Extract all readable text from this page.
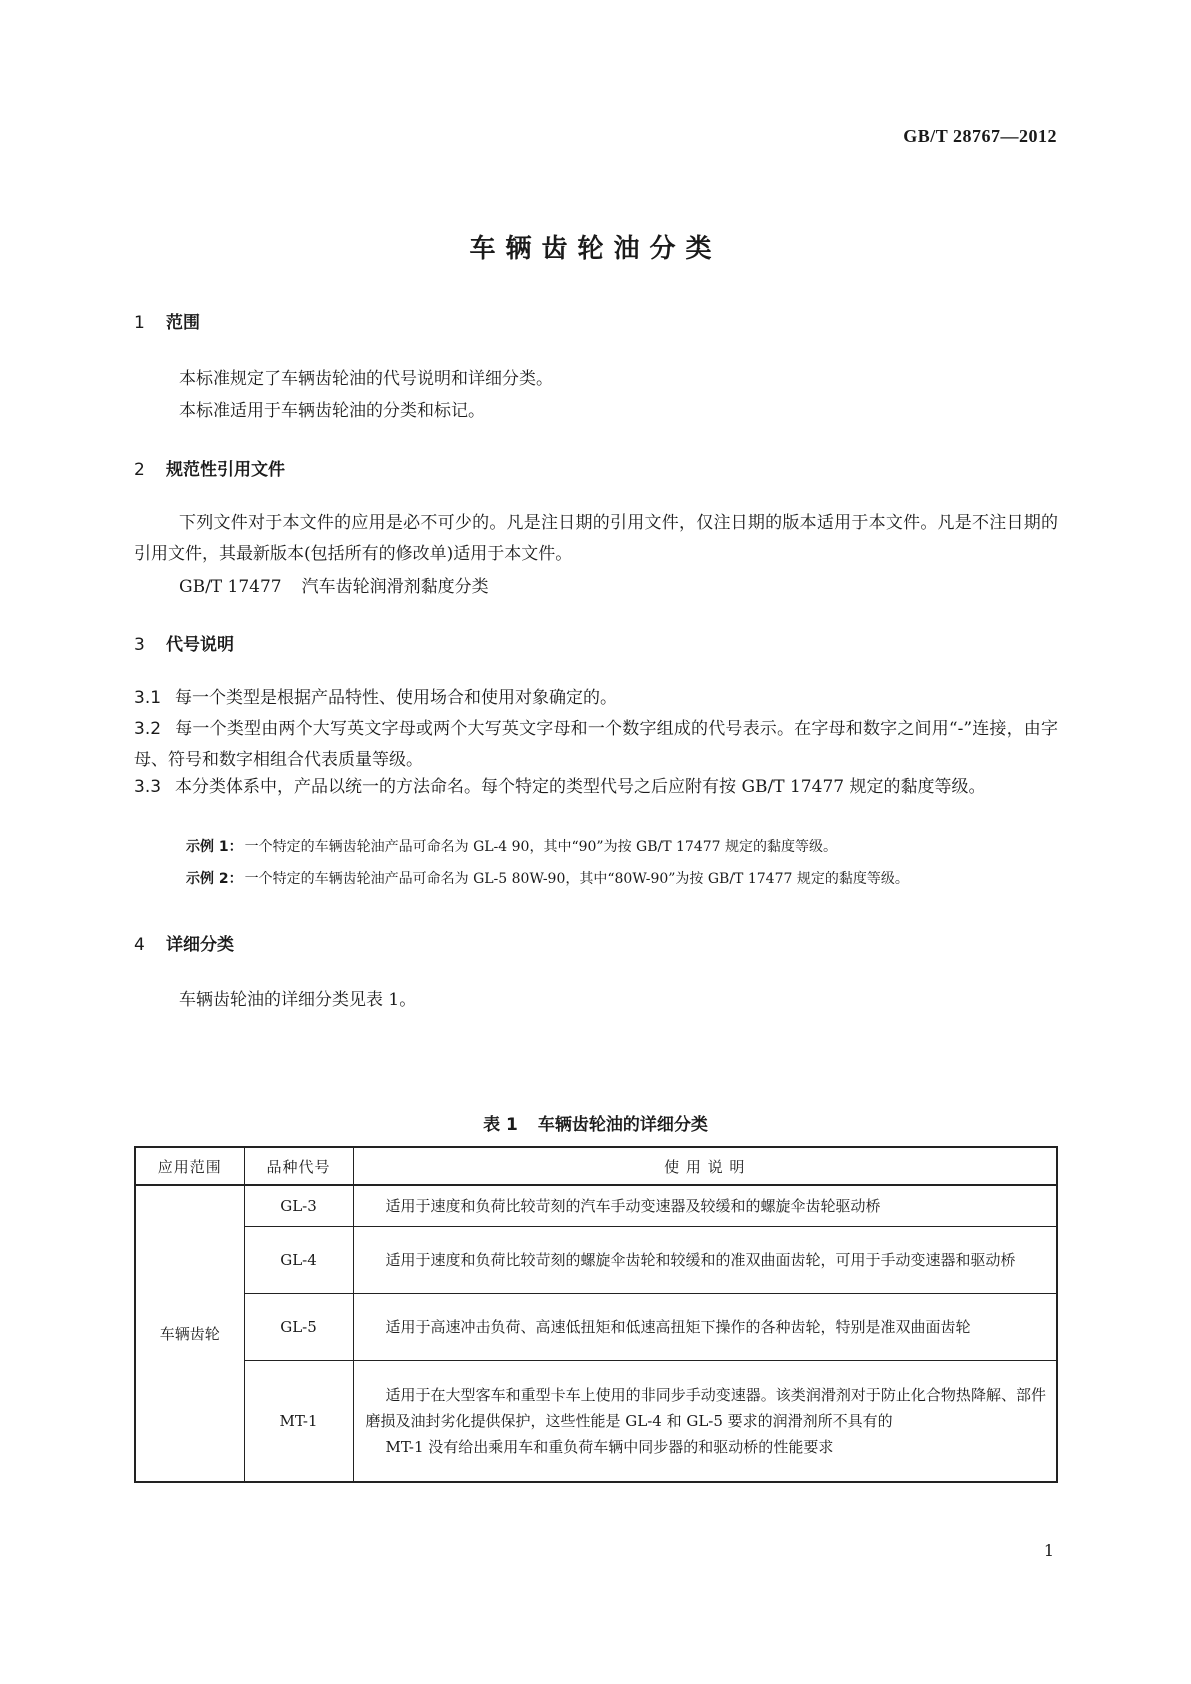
GB/T 28767—2012
车辆齿轮油分类
1 范围
本标准规定了车辆齿轮油的代号说明和详细分类。
本标准适用于车辆齿轮油的分类和标记。
2 规范性引用文件
下列文件对于本文件的应用是必不可少的。凡是注日期的引用文件，仅注日期的版本适用于本文件。凡是不注日期的引用文件，其最新版本(包括所有的修改单)适用于本文件。
GB/T 17477 汽车齿轮润滑剂黏度分类
3 代号说明
3.1 每一个类型是根据产品特性、使用场合和使用对象确定的。
3.2 每一个类型由两个大写英文字母或两个大写英文字母和一个数字组成的代号表示。在字母和数字之间用“-”连接，由字母、符号和数字相组合代表质量等级。
3.3 本分类体系中，产品以统一的方法命名。每个特定的类型代号之后应附有按 GB/T 17477 规定的黏度等级。
示例 1： 一个特定的车辆齿轮油产品可命名为 GL-4 90，其中“90”为按 GB/T 17477 规定的黏度等级。
示例 2： 一个特定的车辆齿轮油产品可命名为 GL-5 80W-90，其中“80W-90”为按 GB/T 17477 规定的黏度等级。
4 详细分类
车辆齿轮油的详细分类见表 1。
表 1 车辆齿轮油的详细分类
应用范围	品种代号	使 用 说 明
车辆齿轮	GL-3	适用于速度和负荷比较苛刻的汽车手动变速器及较缓和的螺旋伞齿轮驱动桥

	GL-4	适用于速度和负荷比较苛刻的螺旋伞齿轮和较缓和的准双曲面齿轮，可用于手动变速器和驱动桥

	GL-5	适用于高速冲击负荷、高速低扭矩和低速高扭矩下操作的各种齿轮，特别是准双曲面齿轮

	MT-1	适用于在大型客车和重型卡车上使用的非同步手动变速器。该类润滑剂对于防止化合物热降解、部件磨损及油封劣化提供保护，这些性能是 GL-4 和 GL-5 要求的润滑剂所不具有的

MT-1 没有给出乘用车和重负荷车辆中同步器的和驱动桥的性能要求

1
